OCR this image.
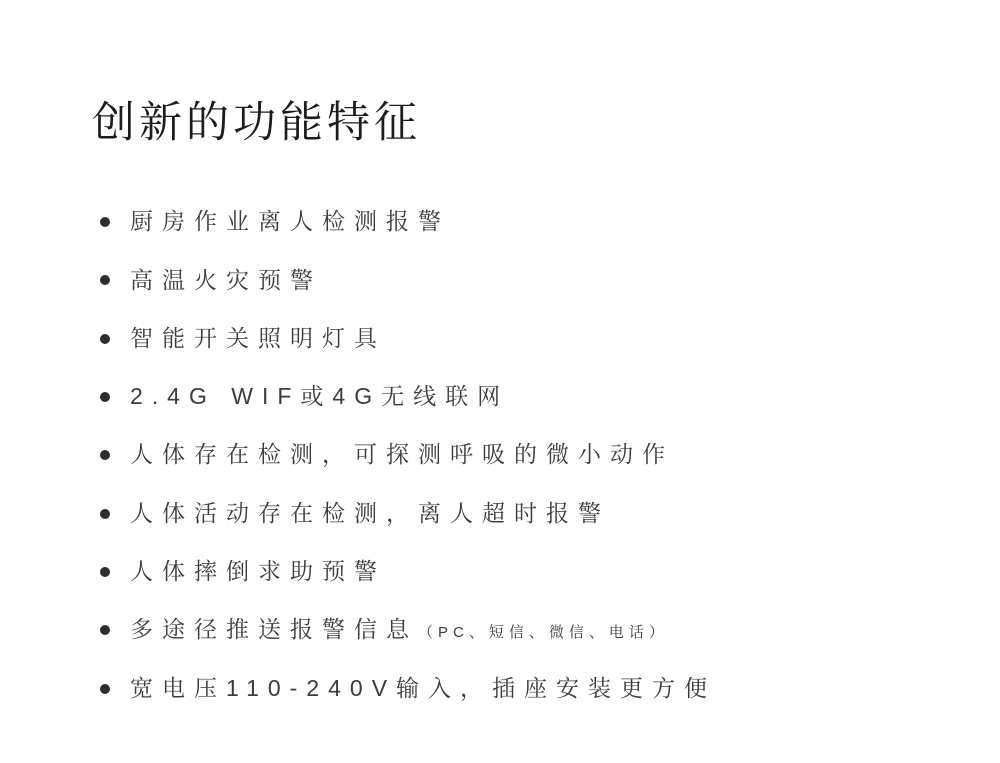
创新的功能特征
厨房作业离人检测报警
高温火灾预警
智能开关照明灯具
2.4G WIF或4G无线联网
人体存在检测，可探测呼吸的微小动作
人体活动存在检测，离人超时报警
人体摔倒求助预警
多途径推送报警信息（PC、短信、微信、电话）
宽电压110-240V输入，插座安装更方便
